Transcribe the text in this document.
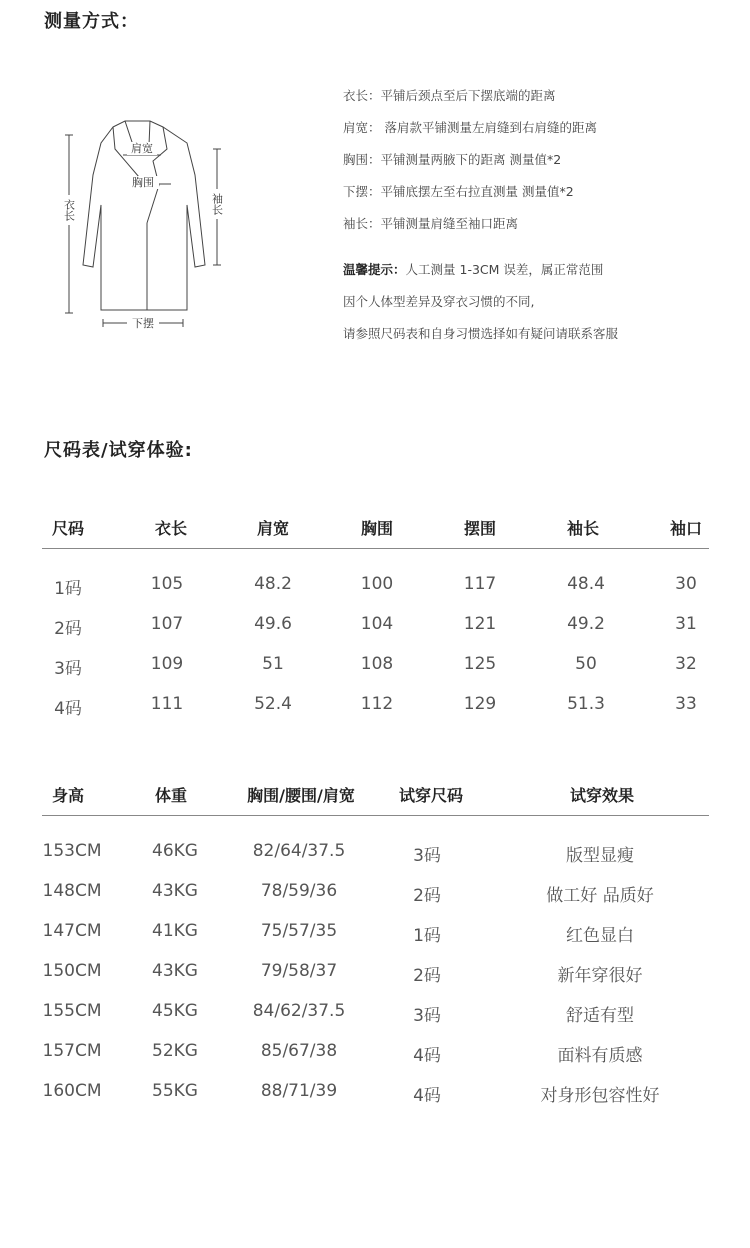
测量方式：
肩宽
胸围
衣长	袖长
下摆
衣长：平铺后颈点至后下摆底端的距离
肩宽： 落肩款平铺测量左肩缝到右肩缝的距离
胸围：平铺测量两腋下的距离 测量值*2
下摆：平铺底摆左至右拉直测量 测量值*2
袖长：平铺测量肩缝至袖口距离
温馨提示：人工测量 1-3CM 误差，属正常范围
因个人体型差异及穿衣习惯的不同,
请参照尺码表和自身习惯选择如有疑问请联系客服
尺码表/试穿体验:
尺码	衣长	肩宽	胸围	摆围	袖长	袖口
1码	105	48.2	100	117	48.4	30
2码	107	49.6	104	121	49.2	31
3码	109	51	108	125	50	32
4码	111	52.4	112	129	51.3	33
身高	体重	胸围/腰围/肩宽	试穿尺码	试穿效果
153CM	46KG	82/64/37.5	3码	版型显瘦
148CM	43KG	78/59/36	2码	做工好 品质好
147CM	41KG	75/57/35	1码	红色显白
150CM	43KG	79/58/37	2码	新年穿很好
155CM	45KG	84/62/37.5	3码	舒适有型
157CM	52KG	85/67/38	4码	面料有质感
160CM	55KG	88/71/39	4码	对身形包容性好
